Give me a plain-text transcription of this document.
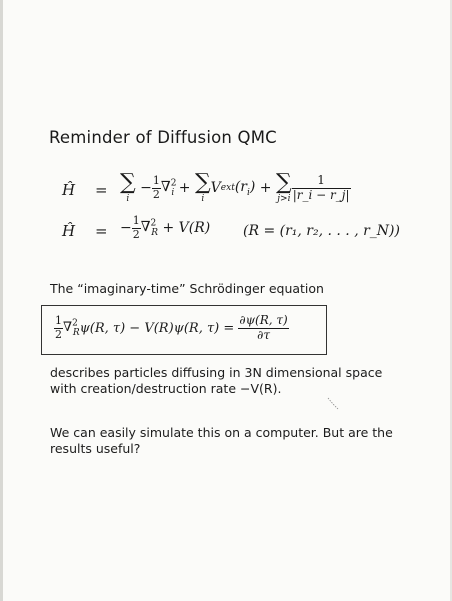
Reminder of Diffusion QMC
Ĥ = ∑
i
− $\frac{1}{2} \nabla^2_i$ + ∑
i
$Vext(r_i)$ + ∑
$j>i \frac{1}{|r\_i - r\_j|}$
Ĥ = − $\frac{1}{2} \nabla^2_R + V(R) (R = (r_1$, r₂, . . . , r_N))
The “imaginary-time” Schrödinger equation
$\frac{1}{2} \nabla^2_R\psi(R$, τ) − V(R)ψ(R, $\tau) = \frac{\partial\psi(R, \tau)}{\partial\tau}$
describes particles diffusing in 3N dimensional space
with creation/destruction rate −V(R).
We can easily simulate this on a computer. But are the
results useful?
